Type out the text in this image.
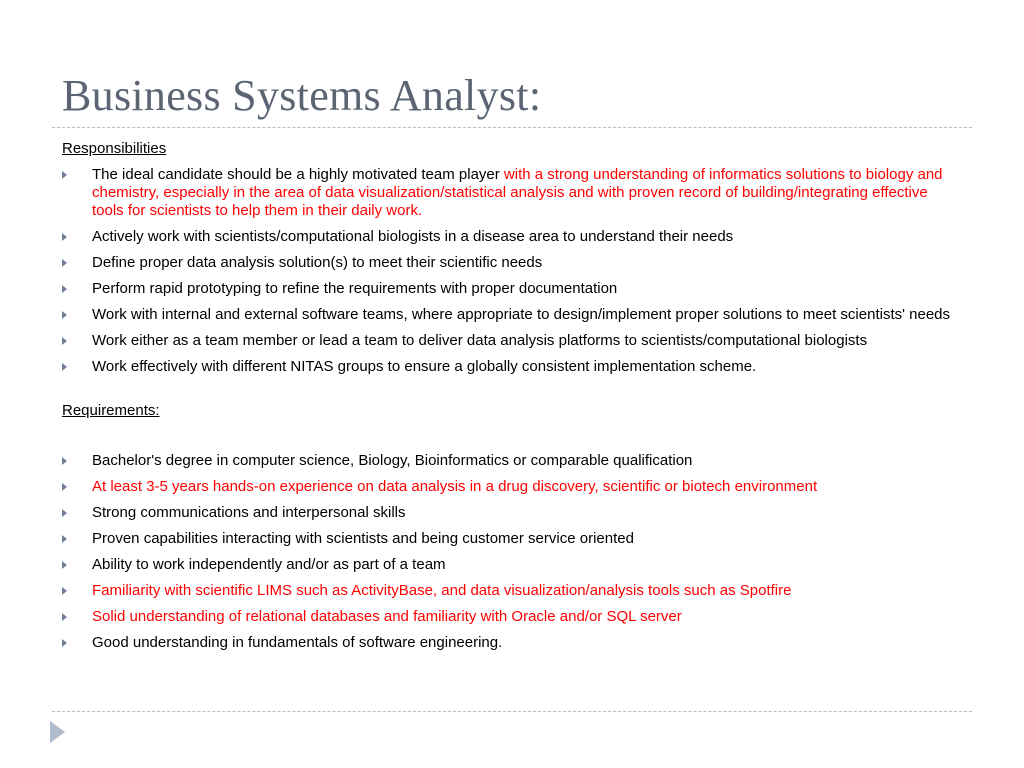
Business Systems Analyst:
Responsibilities
The ideal candidate should be a highly motivated team player with a strong understanding of informatics solutions to biology and chemistry, especially in the area of data visualization/statistical analysis and with proven record of building/integrating effective tools for scientists to help them in their daily work.
Actively work with scientists/computational biologists in a disease area to understand their needs
Define proper data analysis solution(s) to meet their scientific needs
Perform rapid prototyping to refine the requirements with proper documentation
Work with internal and external software teams, where appropriate to design/implement proper solutions to meet scientists' needs
Work either as a team member or lead a team to deliver data analysis platforms to scientists/computational biologists
Work effectively with different NITAS groups to ensure a globally consistent implementation scheme.
Requirements:
Bachelor's degree in computer science, Biology, Bioinformatics or comparable qualification
At least 3-5 years hands-on experience on data analysis in a drug discovery, scientific or biotech environment
Strong communications and interpersonal skills
Proven capabilities interacting with scientists and being customer service oriented
Ability to work independently and/or as part of a team
Familiarity with scientific LIMS such as ActivityBase, and data visualization/analysis tools such as Spotfire
Solid understanding of relational databases and familiarity with Oracle and/or SQL server
Good understanding in fundamentals of software engineering.
